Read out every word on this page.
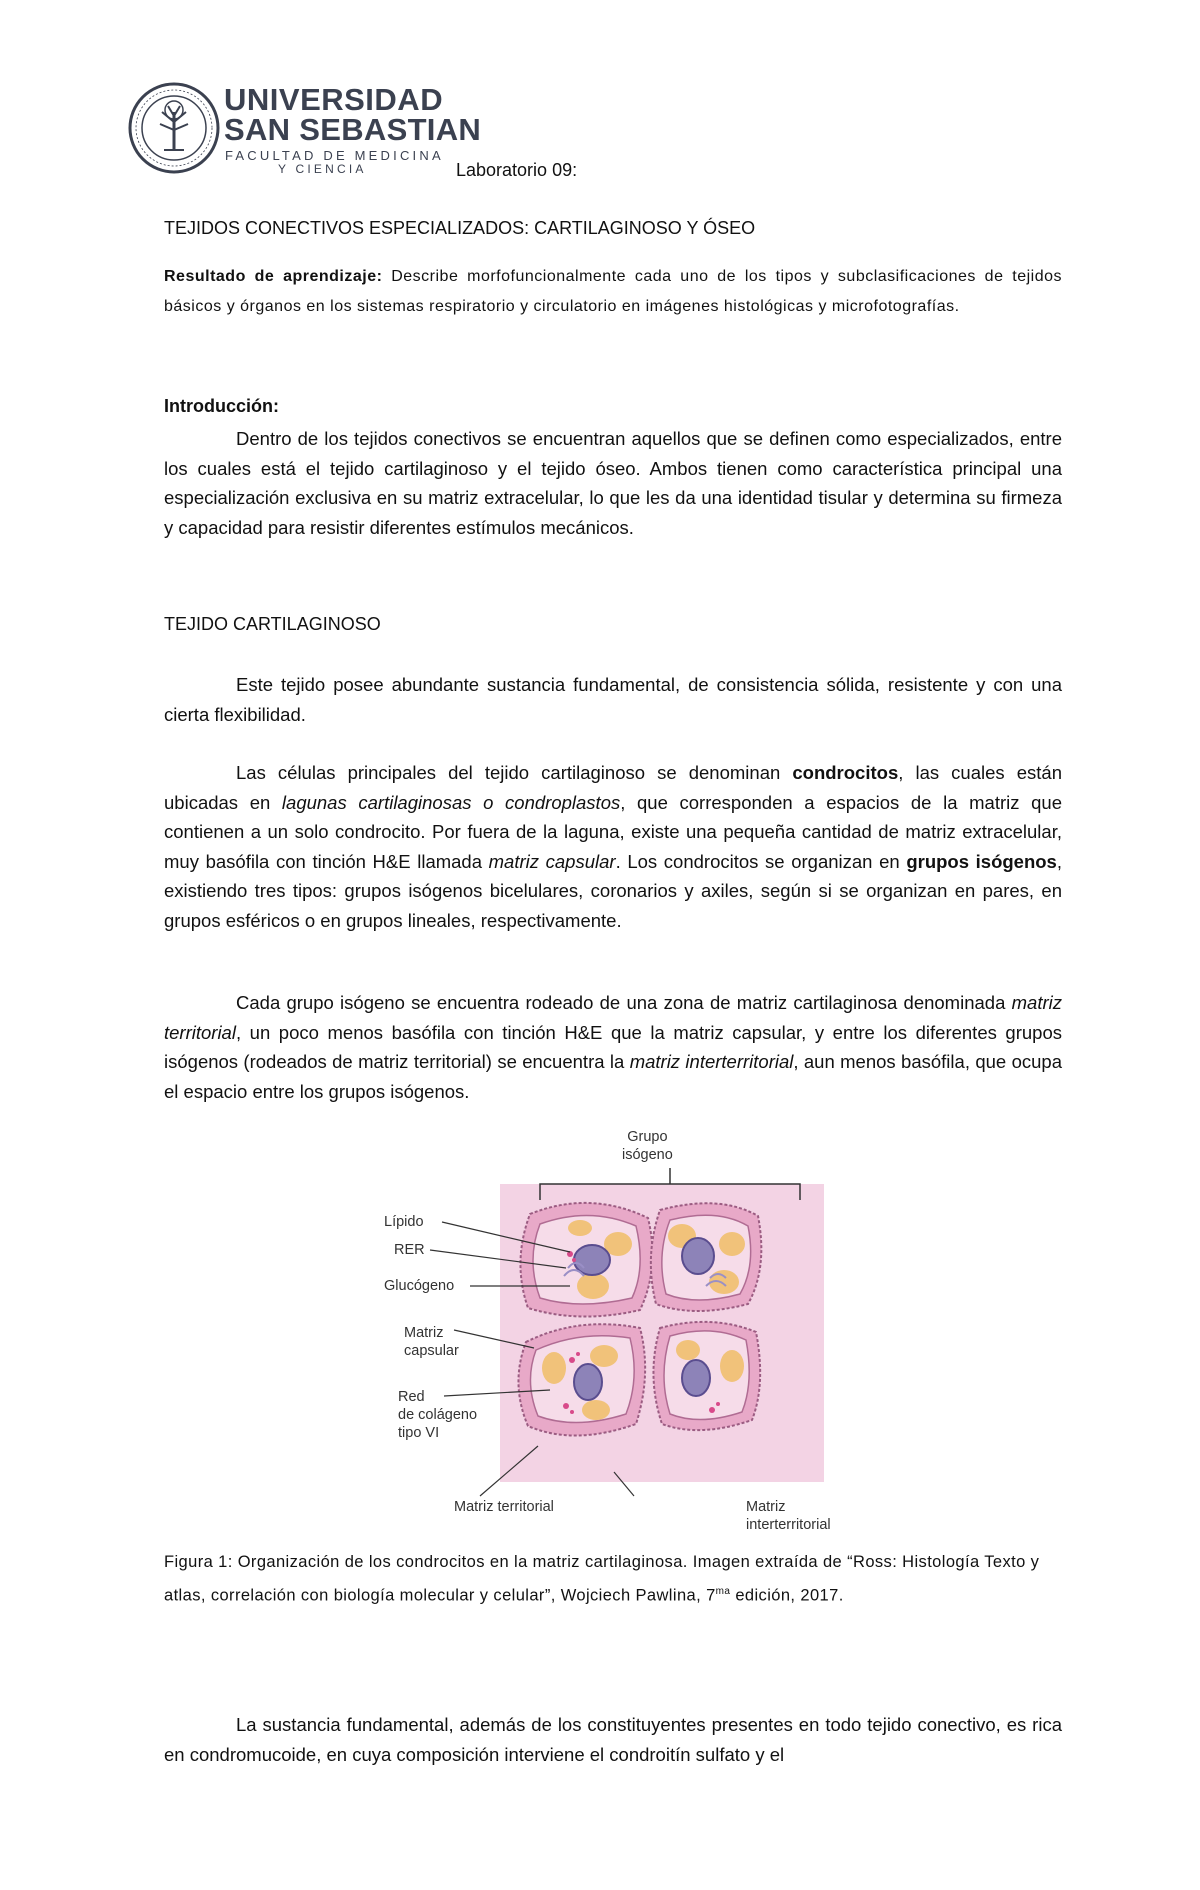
UNIVERSIDAD
SAN SEBASTIAN
FACULTAD DE MEDICINA
Y CIENCIA	Laboratorio 09:
TEJIDOS CONECTIVOS ESPECIALIZADOS: CARTILAGINOSO Y ÓSEO
Resultado de aprendizaje: Describe morfofuncionalmente cada uno de los tipos y subclasificaciones de tejidos básicos y órganos en los sistemas respiratorio y circulatorio en imágenes histológicas y microfotografías.
Introducción:
Dentro de los tejidos conectivos se encuentran aquellos que se definen como especializados, entre los cuales está el tejido cartilaginoso y el tejido óseo. Ambos tienen como característica principal una especialización exclusiva en su matriz extracelular, lo que les da una identidad tisular y determina su firmeza y capacidad para resistir diferentes estímulos mecánicos.
TEJIDO CARTILAGINOSO
Este tejido posee abundante sustancia fundamental, de consistencia sólida, resistente y con una cierta flexibilidad.
Las células principales del tejido cartilaginoso se denominan condrocitos, las cuales están ubicadas en lagunas cartilaginosas o condroplastos, que corresponden a espacios de la matriz que contienen a un solo condrocito. Por fuera de la laguna, existe una pequeña cantidad de matriz extracelular, muy basófila con tinción H&E llamada matriz capsular. Los condrocitos se organizan en grupos isógenos, existiendo tres tipos: grupos isógenos bicelulares, coronarios y axiles, según si se organizan en pares, en grupos esféricos o en grupos lineales, respectivamente.
Cada grupo isógeno se encuentra rodeado de una zona de matriz cartilaginosa denominada matriz territorial, un poco menos basófila con tinción H&E que la matriz capsular, y entre los diferentes grupos isógenos (rodeados de matriz territorial) se encuentra la matriz interterritorial, aun menos basófila, que ocupa el espacio entre los grupos isógenos.
Grupo
isógeno
Lípido
RER
Glucógeno
Matriz
capsular
Red
de colágeno
tipo VI
Matriz territorial	Matriz
interterritorial
Figura 1: Organización de los condrocitos en la matriz cartilaginosa. Imagen extraída de “Ross: Histología Texto y atlas, correlación con biología molecular y celular”, Wojciech Pawlina, $7^{ma}$ edición, 2017.
La sustancia fundamental, además de los constituyentes presentes en todo tejido conectivo, es rica en condromucoide, en cuya composición interviene el condroitín sulfato y el
